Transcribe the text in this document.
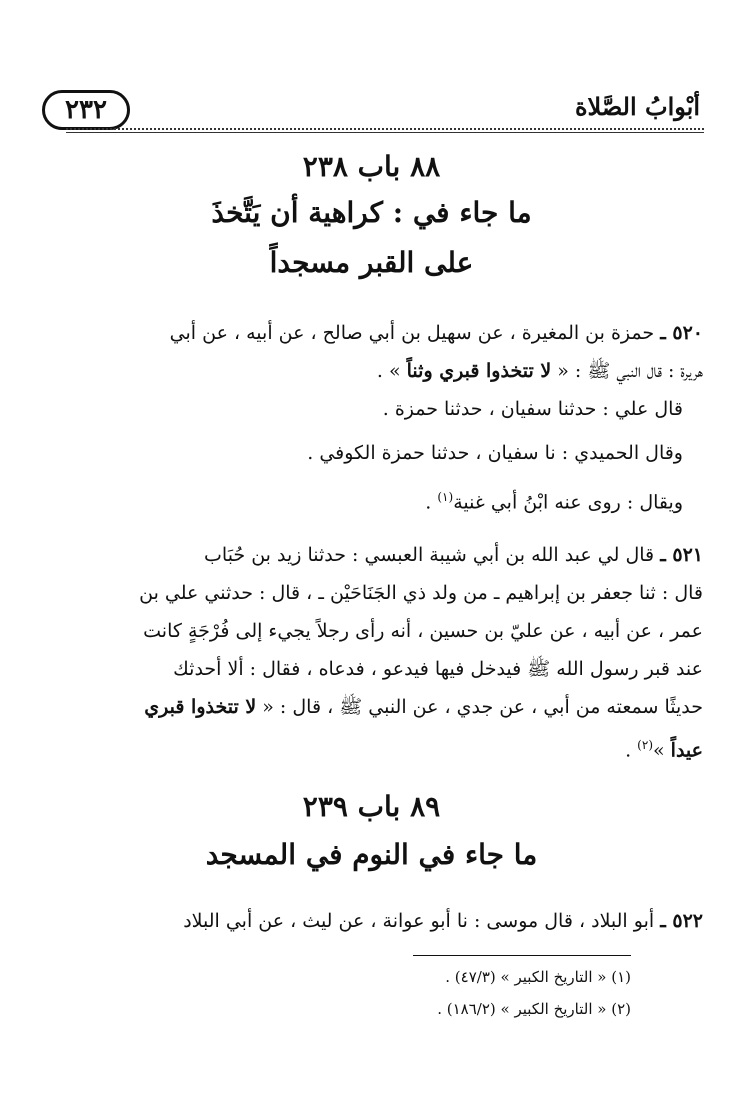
٢٣٢	أبْوابُ الصَّلاة
٨٨ باب ٢٣٨
ما جاء في : كراهية أن يَتَّخذَ
على القبر مسجداً
٥٢٠ ـ حمزة بن المغيرة ، عن سهيل بن أبي صالح ، عن أبيه ، عن أبي
هريرة : قال النبي ﷺ : « لا تتخذوا قبري وثناً » .
قال علي : حدثنا سفيان ، حدثنا حمزة .
وقال الحميدي : نا سفيان ، حدثنا حمزة الكوفي .
ويقال : روى عنه ابْنُ أبي غنية$^{(١)}$ .
٥٢١ ـ قال لي عبد الله بن أبي شيبة العبسي : حدثنا زيد بن حُبَاب
قال : ثنا جعفر بن إبراهيم ـ من ولد ذي الجَنَاحَيْن ـ ، قال : حدثني علي بن
عمر ، عن أبيه ، عن عليّ بن حسين ، أنه رأى رجلاً يجيء إلى فُرْجَةٍ كانت
عند قبر رسول الله ﷺ فيدخل فيها فيدعو ، فدعاه ، فقال : ألا أحدثك
حديثًا سمعته من أبي ، عن جدي ، عن النبي ﷺ ، قال : « لا تتخذوا قبري
عيداً »$^{(٢)}$ .
٨٩ باب ٢٣٩
ما جاء في النوم في المسجد
٥٢٢ ـ أبو البلاد ، قال موسى : نا أبو عوانة ، عن ليث ، عن أبي البلاد
(١) « التاريخ الكبير » (٤٧/٣) .
(٢) « التاريخ الكبير » (١٨٦/٢) .
